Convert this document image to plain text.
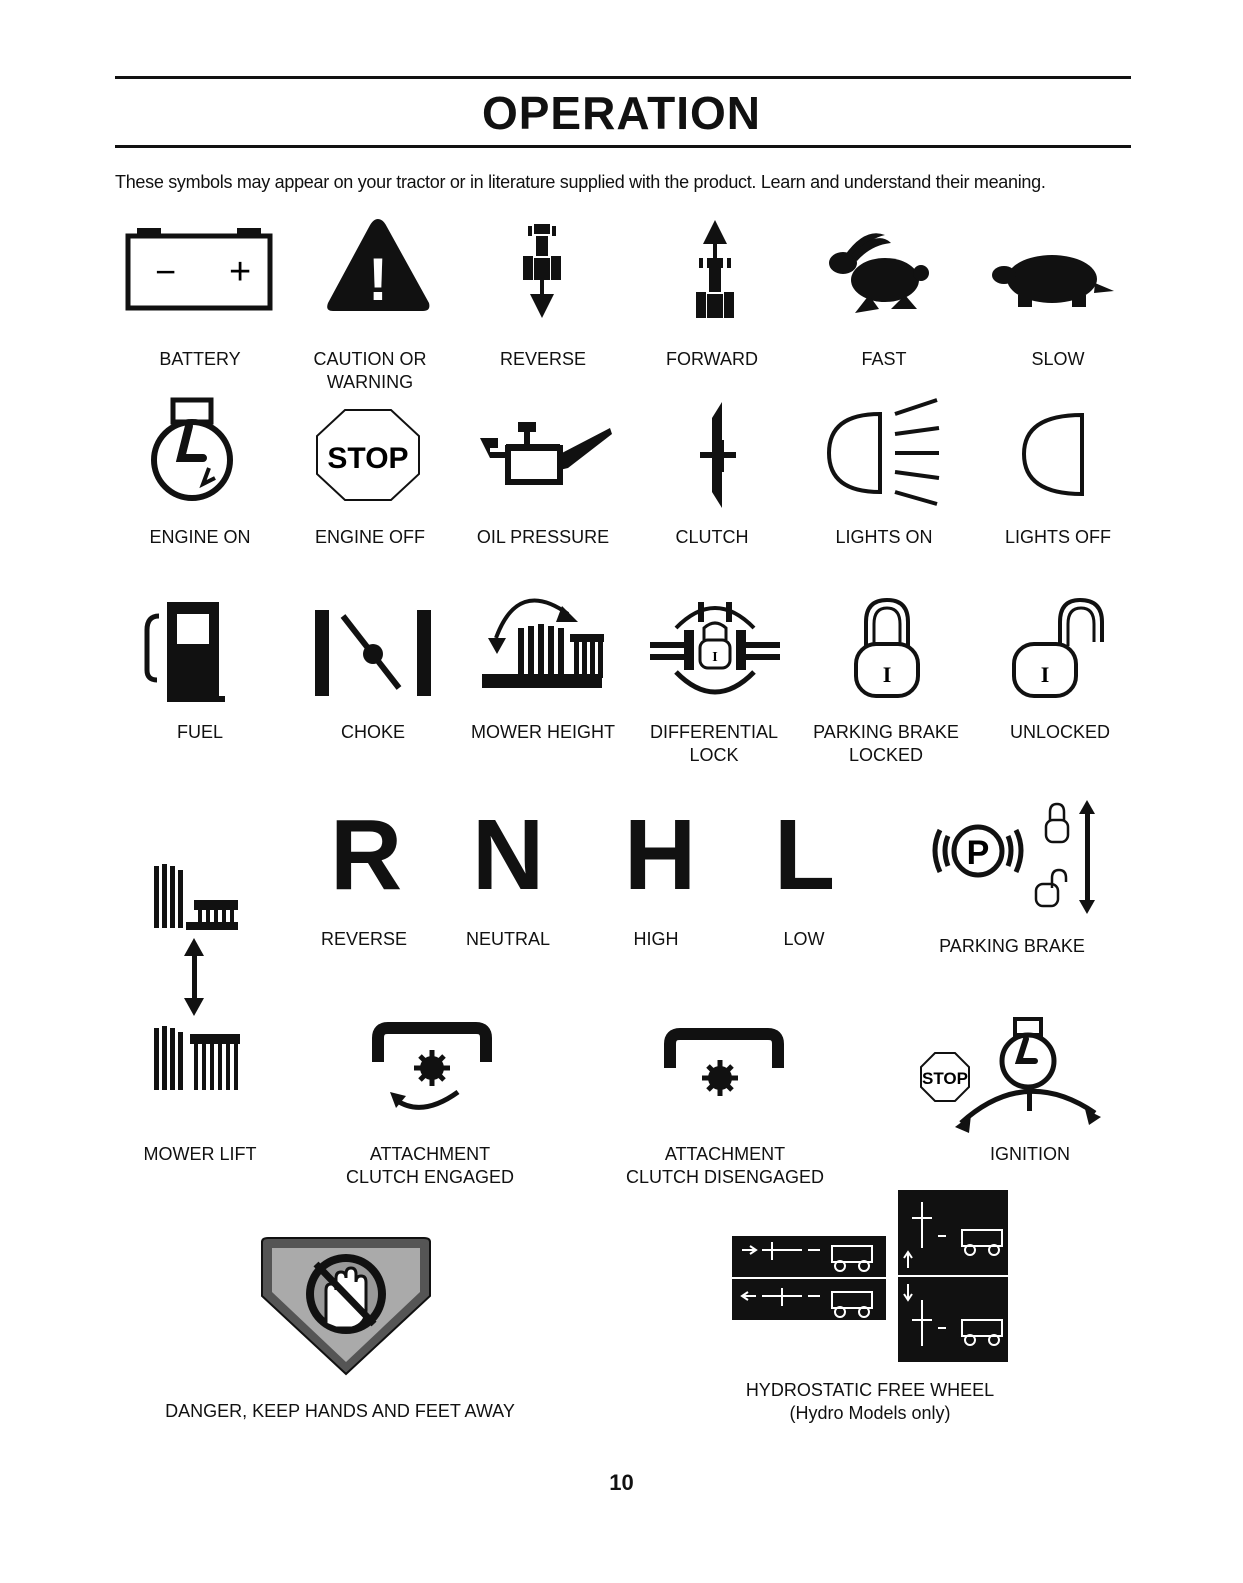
OPERATION
These symbols may appear on your tractor or in literature supplied with the product. Learn and understand their meaning.
− + !
BATTERY	CAUTION OR
WARNING
REVERSE	FORWARD	FAST	SLOW
STOP
ENGINE ON	ENGINE OFF	OIL PRESSURE	CLUTCH	LIGHTS ON	LIGHTS OFF
I
I	I
FUEL	CHOKE	MOWER HEIGHT	DIFFERENTIAL
LOCK
PARKING BRAKE
LOCKED
UNLOCKED
R N H L
REVERSE	NEUTRAL	HIGH	LOW
P
PARKING BRAKE
STOP
MOWER LIFT	ATTACHMENT
CLUTCH ENGAGED
ATTACHMENT
CLUTCH DISENGAGED
IGNITION
DANGER, KEEP HANDS AND FEET AWAY
HYDROSTATIC FREE WHEEL
(Hydro Models only)
10
